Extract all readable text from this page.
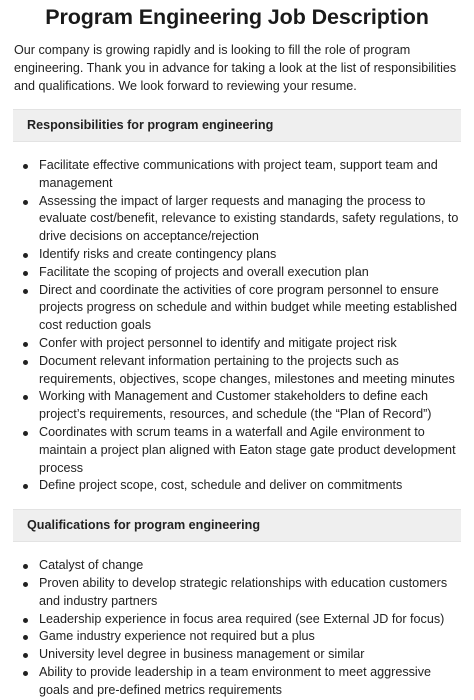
Program Engineering Job Description

Our company is growing rapidly and is looking to fill the role of program engineering. Thank you in advance for taking a look at the list of responsibilities and qualifications. We look forward to reviewing your resume.

Responsibilities for program engineering
Facilitate effective communications with project team, support team and management
Assessing the impact of larger requests and managing the process to evaluate cost/benefit, relevance to existing standards, safety regulations, to drive decisions on acceptance/rejection
Identify risks and create contingency plans
Facilitate the scoping of projects and overall execution plan
Direct and coordinate the activities of core program personnel to ensure projects progress on schedule and within budget while meeting established cost reduction goals
Confer with project personnel to identify and mitigate project risk
Document relevant information pertaining to the projects such as requirements, objectives, scope changes, milestones and meeting minutes
Working with Management and Customer stakeholders to define each project’s requirements, resources, and schedule (the “Plan of Record”)
Coordinates with scrum teams in a waterfall and Agile environment to maintain a project plan aligned with Eaton stage gate product development process
Define project scope, cost, schedule and deliver on commitments
Qualifications for program engineering
Catalyst of change
Proven ability to develop strategic relationships with education customers and industry partners
Leadership experience in focus area required (see External JD for focus)
Game industry experience not required but a plus
University level degree in business management or similar
Ability to provide leadership in a team environment to meet aggressive goals and pre-defined metrics requirements
